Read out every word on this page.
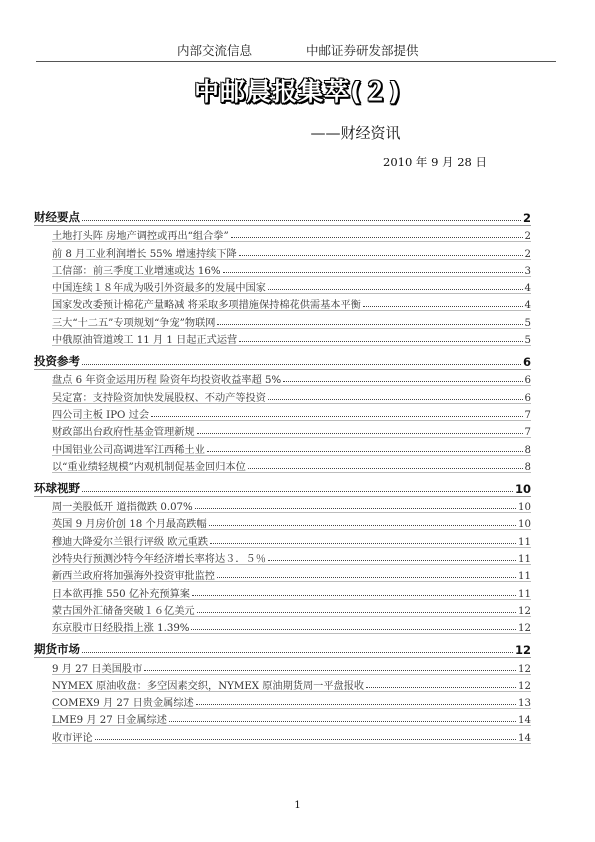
内部交流信息	中邮证券研发部提供
中邮晨报集萃(２)
——财经资讯
2010 年 9 月 28 日
财经要点	2
土地打头阵 房地产调控或再出“组合拳”	2
前 8 月工业利润增长 55% 增速持续下降	2
工信部：前三季度工业增速或达 16%	3
中国连续１８年成为吸引外资最多的发展中国家	4
国家发改委预计棉花产量略减 将采取多项措施保持棉花供需基本平衡	4
三大“十二五”专项规划“争宠”物联网	5
中俄原油管道竣工 11 月 1 日起正式运营	5
投资参考	6
盘点 6 年资金运用历程 险资年均投资收益率超 5%	6
吴定富：支持险资加快发展股权、不动产等投资	6
四公司主板 IPO 过会	7
财政部出台政府性基金管理新规	7
中国铝业公司高调进军江西稀土业	8
以“重业绩轻规模”内观机制促基金回归本位	8
环球视野	10
周一美股低开 道指微跌 0.07%	10
英国 9 月房价创 18 个月最高跌幅	10
穆迪大降爱尔兰银行评级 欧元重跌	11
沙特央行预测沙特今年经济增长率将达３．５％	11
新西兰政府将加强海外投资审批监控	11
日本欲再推 550 亿补充预算案	11
蒙古国外汇储备突破１６亿美元	12
东京股市日经股指上涨 1.39%	12
期货市场	12
9 月 27 日美国股市	12
NYMEX 原油收盘：多空因素交织，NYMEX 原油期货周一平盘报收	12
COMEX9 月 27 日贵金属综述	13
LME9 月 27 日金属综述	14
收市评论	14
1
